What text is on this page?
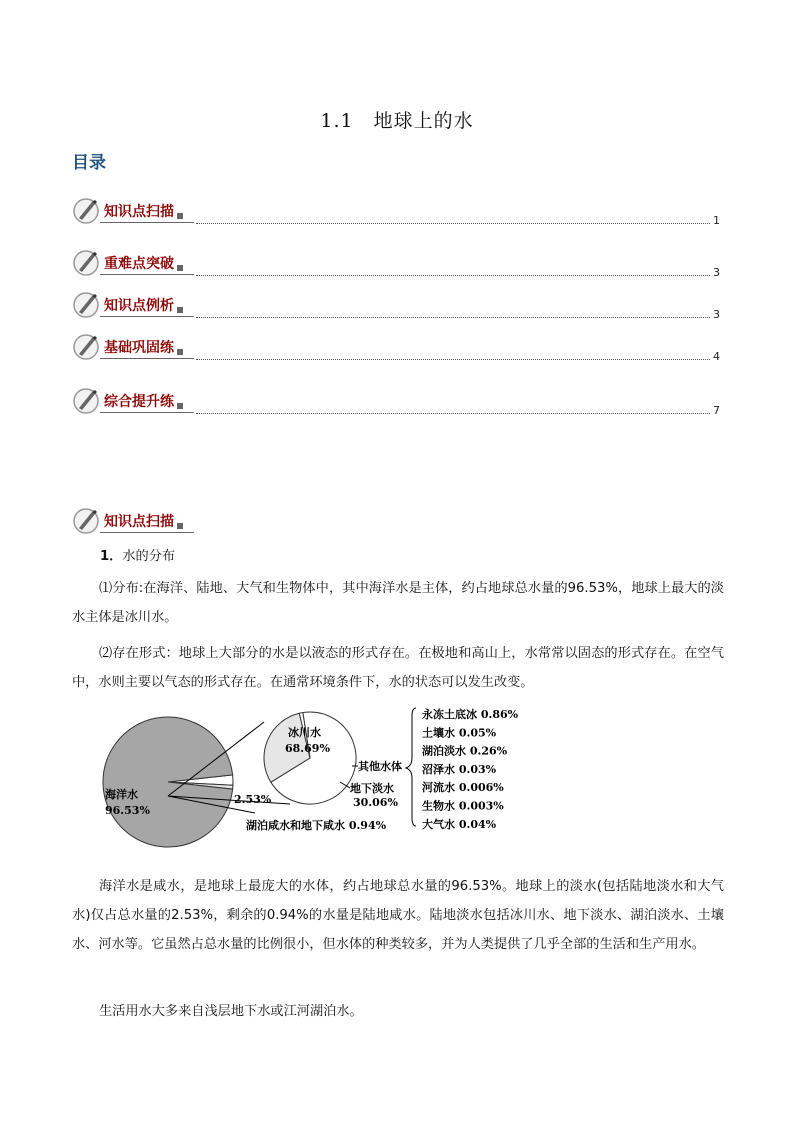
1.1　地球上的水
目录
知识点扫描
1
重难点突破
3
知识点例析
3
基础巩固练
4
综合提升练
7
知识点扫描
1．水的分布
⑴分布:在海洋、陆地、大气和生物体中，其中海洋水是主体，约占地球总水量的96.53%，地球上最大的淡水主体是冰川水。
⑵存在形式：地球上大部分的水是以液态的形式存在。在极地和高山上，水常常以固态的形式存在。在空气中，水则主要以气态的形式存在。在通常环境条件下，水的状态可以发生改变。
海洋水
96.53%
2.53%
湖泊咸水和地下咸水 0.94%
冰川水
68.69%
其他水体
地下淡水
30.06%
永冻土底冰 0.86%
土壤水 0.05%
湖泊淡水 0.26%
沼泽水 0.03%
河流水 0.006%
生物水 0.003%
大气水 0.04%
海洋水是咸水，是地球上最庞大的水体，约占地球总水量的96.53%。地球上的淡水(包括陆地淡水和大气水)仅占总水量的2.53%，剩余的0.94%的水量是陆地咸水。陆地淡水包括冰川水、地下淡水、湖泊淡水、土壤水、河水等。它虽然占总水量的比例很小，但水体的种类较多，并为人类提供了几乎全部的生活和生产用水。
生活用水大多来自浅层地下水或江河湖泊水。
